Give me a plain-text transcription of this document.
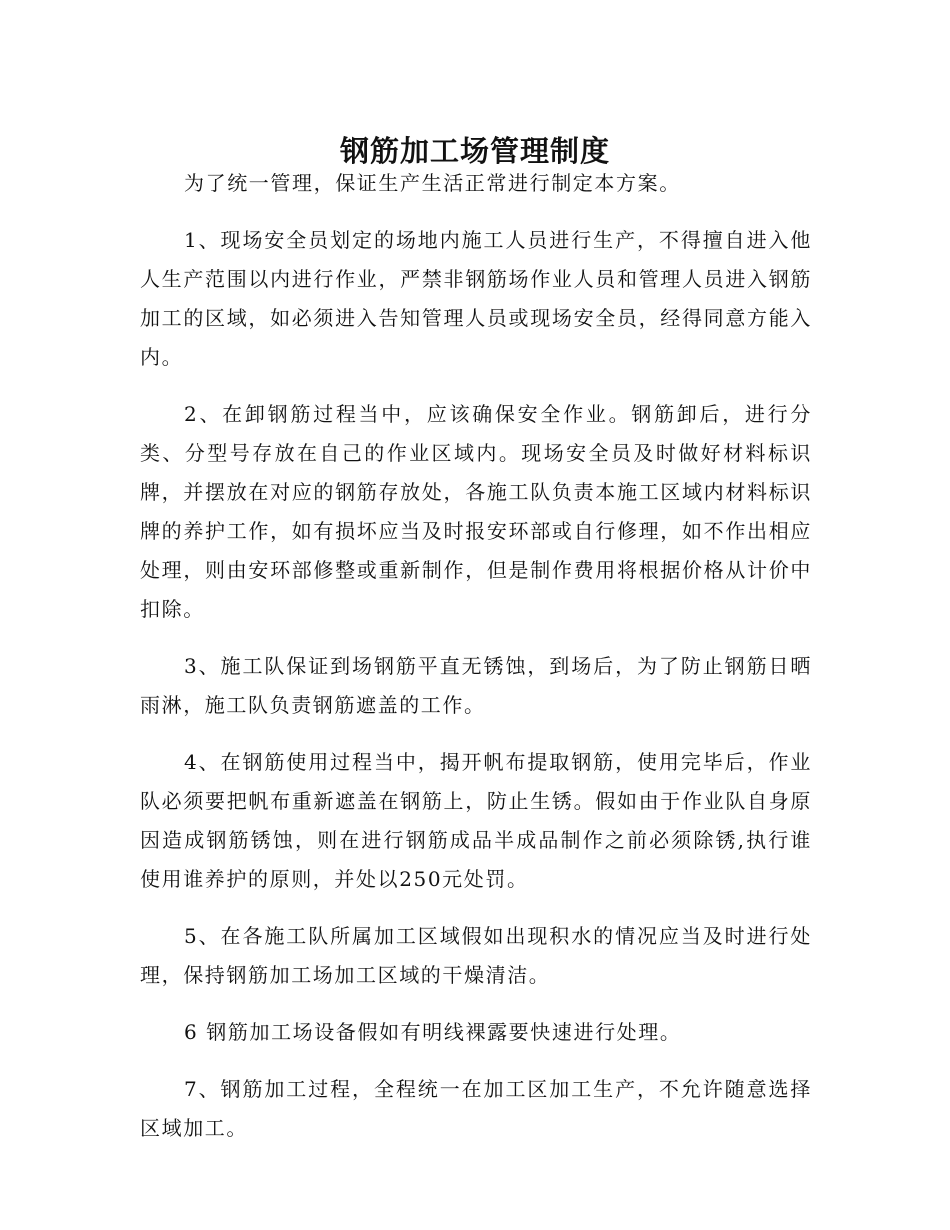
钢筋加工场管理制度

为了统一管理，保证生产生活正常进行制定本方案。

1、现场安全员划定的场地内施工人员进行生产，不得擅自进入他人生产范围以内进行作业，严禁非钢筋场作业人员和管理人员进入钢筋加工的区域，如必须进入告知管理人员或现场安全员，经得同意方能入内。

2、在卸钢筋过程当中，应该确保安全作业。钢筋卸后，进行分类、分型号存放在自己的作业区域内。现场安全员及时做好材料标识牌，并摆放在对应的钢筋存放处，各施工队负责本施工区域内材料标识牌的养护工作，如有损坏应当及时报安环部或自行修理，如不作出相应处理，则由安环部修整或重新制作，但是制作费用将根据价格从计价中扣除。

3、施工队保证到场钢筋平直无锈蚀，到场后，为了防止钢筋日晒雨淋，施工队负责钢筋遮盖的工作。

4、在钢筋使用过程当中，揭开帆布提取钢筋，使用完毕后，作业队必须要把帆布重新遮盖在钢筋上，防止生锈。假如由于作业队自身原因造成钢筋锈蚀，则在进行钢筋成品半成品制作之前必须除锈,执行谁使用谁养护的原则，并处以250元处罚。

5、在各施工队所属加工区域假如出现积水的情况应当及时进行处理，保持钢筋加工场加工区域的干燥清洁。

6 钢筋加工场设备假如有明线裸露要快速进行处理。

7、钢筋加工过程，全程统一在加工区加工生产，不允许随意选择区域加工。
